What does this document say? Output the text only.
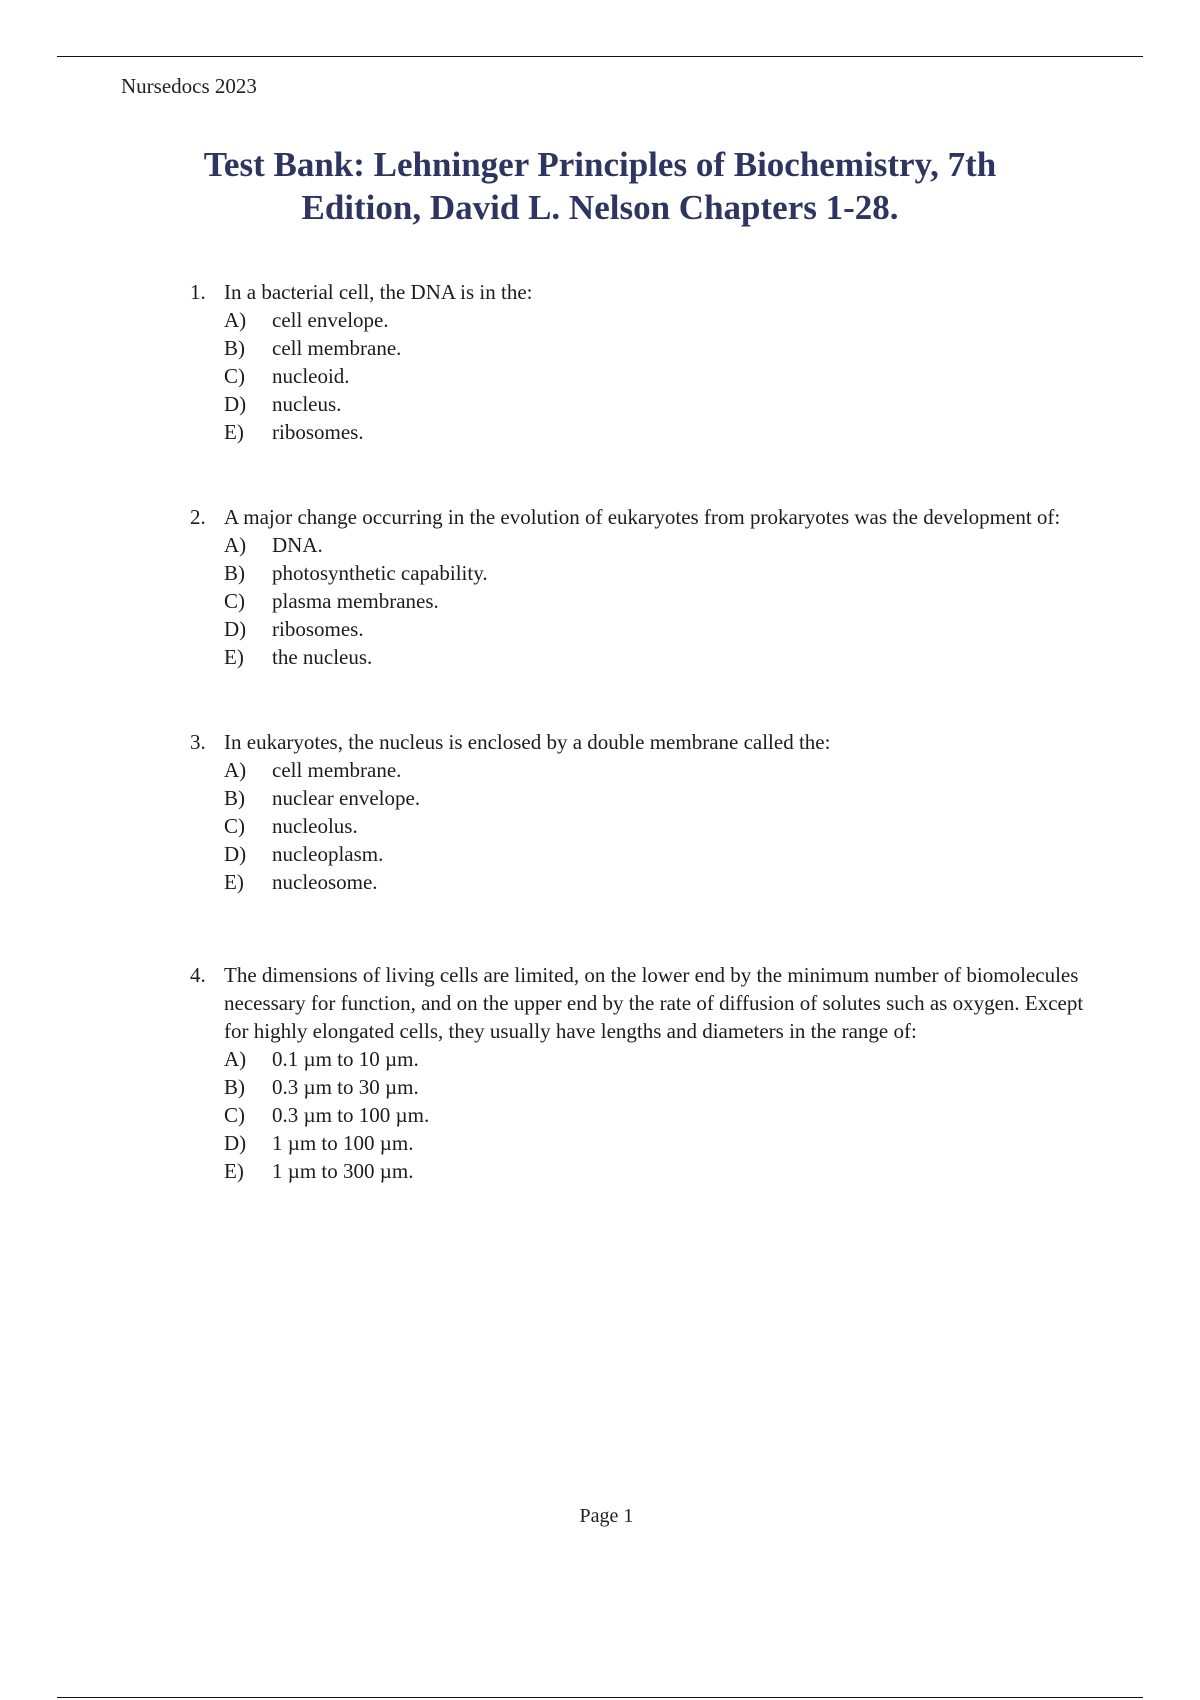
Nursedocs 2023
Test Bank: Lehninger Principles of Biochemistry, 7th
Edition, David L. Nelson Chapters 1-28.
1. In a bacterial cell, the DNA is in the:

A)	cell envelope.
B)	cell membrane.
C)	nucleoid.
D)	nucleus.
E)	ribosomes.
2. A major change occurring in the evolution of eukaryotes from prokaryotes was the development of:

A)	DNA.
B)	photosynthetic capability.
C)	plasma membranes.
D)	ribosomes.
E)	the nucleus.
3. In eukaryotes, the nucleus is enclosed by a double membrane called the:

A)	cell membrane.
B)	nuclear envelope.
C)	nucleolus.
D)	nucleoplasm.
E)	nucleosome.
4. The dimensions of living cells are limited, on the lower end by the minimum number of biomolecules necessary for function, and on the upper end by the rate of diffusion of solutes such as oxygen. Except for highly elongated cells, they usually have lengths and diameters in the range of:

A)	0.1 µm to 10 µm.
B)	0.3 µm to 30 µm.
C)	0.3 µm to 100 µm.
D)	1 µm to 100 µm.
E)	1 µm to 300 µm.
Page 1
